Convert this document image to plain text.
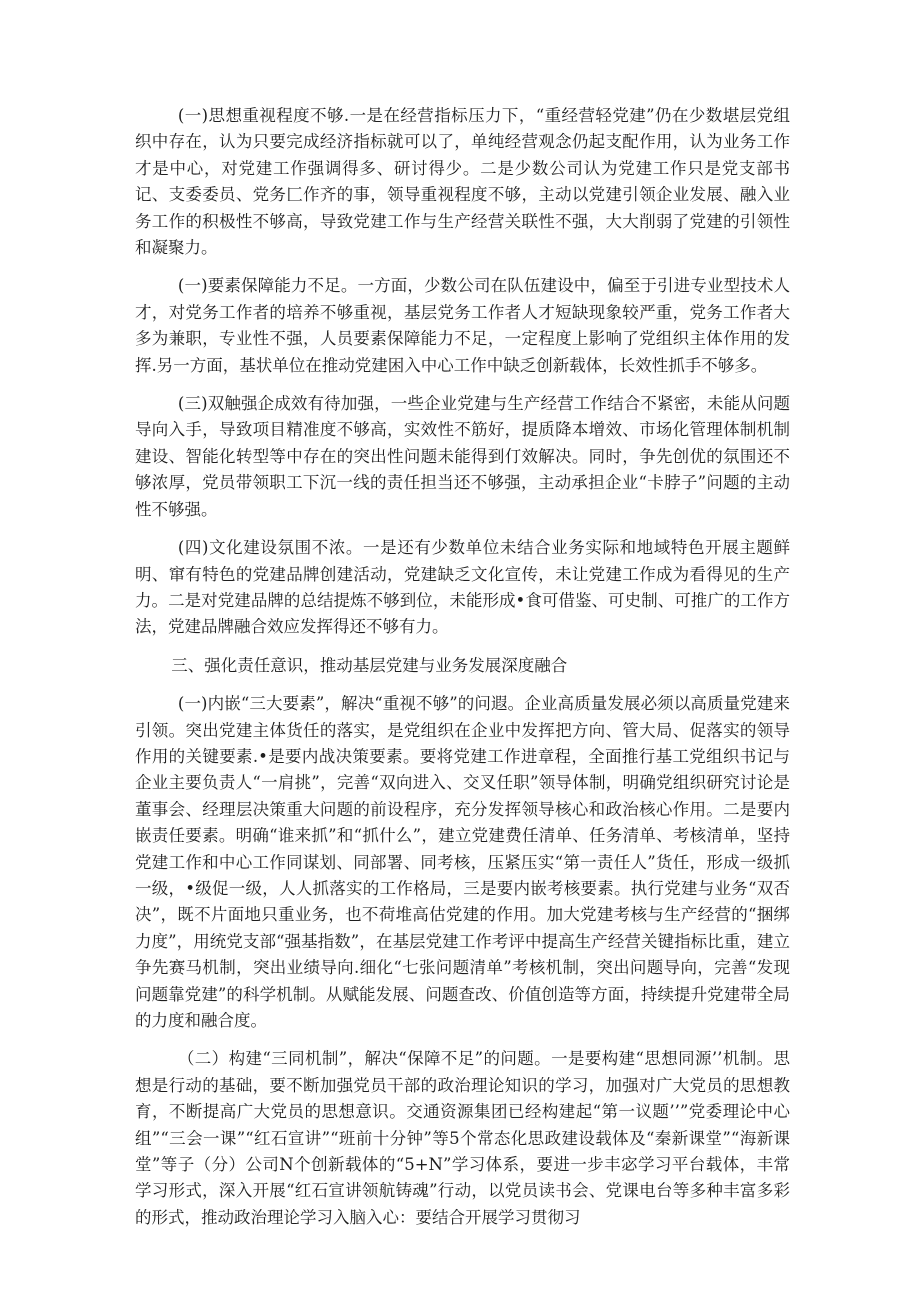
(一)思想重视程度不够.一是在经营指标压力下，“重经营轻党建”仍在少数堪层党组织中存在，认为只要完成经济指标就可以了，单纯经营观念仍起支配作用，认为业务工作才是中心，对党建工作强调得多、研讨得少。二是少数公司认为党建工作只是党支部书记、支委委员、党务匚作齐的事，领导重视程度不够，主动以党建引领企业发展、融入业务工作的积极性不够高，导致党建工作与生产经营关联性不强，大大削弱了党建的引领性和凝聚力。

(一)要素保障能力不足。一方面，少数公司在队伍建设中，偏至于引进专业型技术人才，对党务工作者的培养不够重视，基层党务工作者人才短缺现象较严重，党务工作者大多为兼职，专业性不强，人员要素保障能力不足，一定程度上影响了党组织主体作用的发挥.另一方面，基状单位在推动党建困入中心工作中缺乏创新载体，长效性抓手不够多。

(三)双触强企成效有待加强，一些企业党建与生产经营工作结合不紧密，未能从问题导向入手，导致项目精准度不够高，实效性不筋好，提质降本增效、市场化管理体制机制建设、智能化转型等中存在的突出性问题未能得到仃效解决。同时，争先创优的氛围还不够浓厚，党员带领职工下沉一线的责任担当还不够强，主动承担企业“卡脖子”问题的主动性不够强。

(四)文化建设氛围不浓。一是还有少数单位未结合业务实际和地域特色开展主题鲜明、窜有特色的党建品牌创建活动，党建缺乏文化宣传，未让党建工作成为看得见的生产力。二是对党建品牌的总结提炼不够到位，未能形成•食可借鉴、可史制、可推广的工作方法，党建品牌融合效应发挥得还不够有力。

三、强化责任意识，推动基层党建与业务发展深度融合

(一)内嵌“三大要素”，解决“重视不够”的问遐。企业高质量发展必须以高质量党建来引领。突出党建主体货任的落实，是党组织在企业中发挥把方向、管大局、促落实的领导作用的关键要素.•是要内战决策要素。要将党建工作进章程，全面推行基工党组织书记与企业主要负责人“一肩挑”，完善“双向进入、交叉任职”领导体制，明确党组织研究讨论是董事会、经理层决策重大问题的前设程序，充分发挥领导核心和政治核心作用。二是要内嵌责任要素。明确“谁来抓”和“抓什么”，建立党建费任清单、任务清单、考核清单，坚持党建工作和中心工作同谋划、同部署、同考核，压紧压实“第一责任人”货任，形成一级抓一级，•级促一级，人人抓落实的工作格局，三是要内嵌考核要素。执行党建与业务“双否决”，既不片面地只重业务，也不荷堆高估党建的作用。加大党建考核与生产经营的“捆绑力度”，用统党支部“强基指数”，在基层党建工作考评中提高生产经营关键指标比重，建立争先赛马机制，突出业绩导向.细化“七张问题清单”考核机制，突出问题导向，完善“发现问题靠党建”的科学机制。从赋能发展、问题查改、价值创造等方面，持续提升党建带全局的力度和融合度。

（二）构建“三同机制”，解决“保障不足”的问题。一是要构建“思想同源’’机制。思想是行动的基础，要不断加强党员干部的政治理论知识的学习，加强对广大党员的思想教育，不断提高广大党员的思想意识。交通资源集团已经构建起“第一议题’’”党委理论中心组”“三会一课”“红石宣讲”“班前十分钟”等5个常态化思政建设载体及“秦新课堂”“海新课堂”等子（分）公司N个创新载体的“5+N”学习体系，要进一步丰宓学习平台载体，丰常学习形式，深入开展“红石宣讲领航铸魂”行动，以党员读书会、党课电台等多种丰富多彩的形式，推动政治理论学习入脑入心：要结合开展学习贯彻习
